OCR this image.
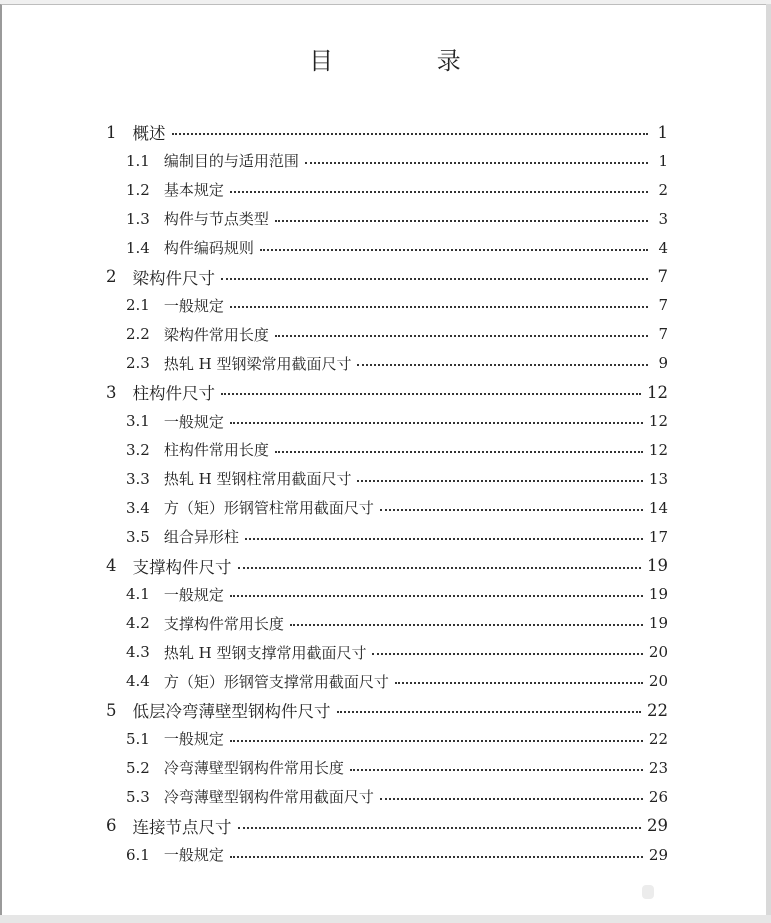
目 录
1 概述	1
1.1 编制目的与适用范围	1
1.2 基本规定	2
1.3 构件与节点类型	3
1.4 构件编码规则	4
2 梁构件尺寸	7
2.1 一般规定	7
2.2 梁构件常用长度	7
2.3 热轧 H 型钢梁常用截面尺寸	9
3 柱构件尺寸	12
3.1 一般规定	12
3.2 柱构件常用长度	12
3.3 热轧 H 型钢柱常用截面尺寸	13
3.4 方（矩）形钢管柱常用截面尺寸	14
3.5 组合异形柱	17
4 支撑构件尺寸	19
4.1 一般规定	19
4.2 支撑构件常用长度	19
4.3 热轧 H 型钢支撑常用截面尺寸	20
4.4 方（矩）形钢管支撑常用截面尺寸	20
5 低层冷弯薄壁型钢构件尺寸	22
5.1 一般规定	22
5.2 冷弯薄壁型钢构件常用长度	23
5.3 冷弯薄壁型钢构件常用截面尺寸	26
6 连接节点尺寸	29
6.1 一般规定	29
